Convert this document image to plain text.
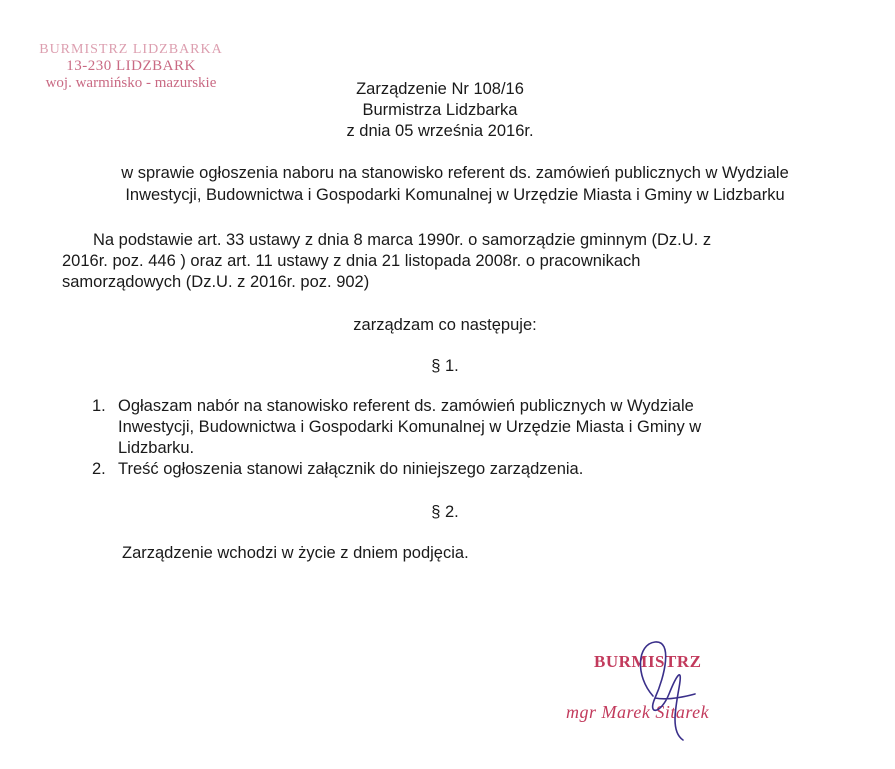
BURMISTRZ LIDZBARKA
13-230 LIDZBARK
woj. warmińsko - mazurskie	Zarządzenie Nr 108/16
Burmistrza Lidzbarka
z dnia 05 września 2016r.
w sprawie ogłoszenia naboru na stanowisko referent ds. zamówień publicznych w Wydziale
Inwestycji, Budownictwa i Gospodarki Komunalnej w Urzędzie Miasta i Gminy w Lidzbarku

Na podstawie art. 33 ustawy z dnia 8 marca 1990r. o samorządzie gminnym (Dz.U. z

2016r. poz. 446 ) oraz art. 11 ustawy z dnia 21 listopada 2008r. o pracownikach

samorządowych (Dz.U. z 2016r. poz. 902)

zarządzam co następuje:
§ 1.
1. Ogłaszam nabór na stanowisko referent ds. zamówień publicznych w Wydziale
Inwestycji, Budownictwa i Gospodarki Komunalnej w Urzędzie Miasta i Gminy w
Lidzbarku.
2. Treść ogłoszenia stanowi załącznik do niniejszego zarządzenia.
§ 2.
Zarządzenie wchodzi w życie z dniem podjęcia.
BURMISTRZ
mgr Marek Sitarek
